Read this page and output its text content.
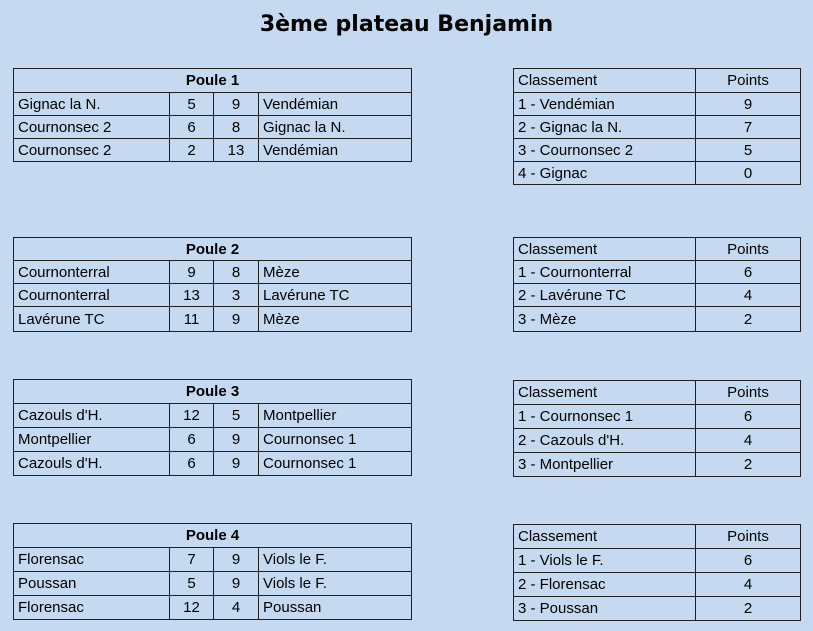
3ème plateau Benjamin
Poule 1			
Gignac la N.	5	9	Vendémian
Cournonsec 2	6	8	Gignac la N.
Cournonsec 2	2	13	Vendémian
Classement	Points
1 - Vendémian	9
2 - Gignac la N.	7
3 - Cournonsec 2	5
4 - Gignac	0
Poule 2			
Cournonterral	9	8	Mèze
Cournonterral	13	3	Lavérune TC
Lavérune TC	11	9	Mèze
Classement	Points
1 - Cournonterral	6
2 - Lavérune TC	4
3 - Mèze	2
Poule 3			
Cazouls d'H.	12	5	Montpellier
Montpellier	6	9	Cournonsec 1
Cazouls d'H.	6	9	Cournonsec 1
Classement	Points
1 - Cournonsec 1	6
2 - Cazouls d'H.	4
3 - Montpellier	2
Poule 4			
Florensac	7	9	Viols le F.
Poussan	5	9	Viols le F.
Florensac	12	4	Poussan
Classement	Points
1 - Viols le F.	6
2 - Florensac	4
3 - Poussan	2
